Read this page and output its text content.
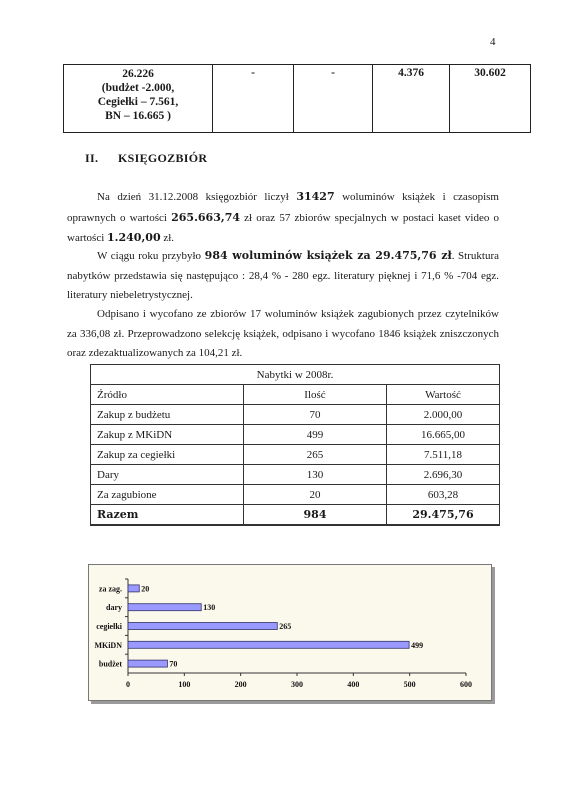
4
26.226
(budżet -2.000,
Cegiełki – 7.561,
BN – 16.665 )
	-	-	4.376	30.602
II. KSIĘGOZBIÓR
Na dzień 31.12.2008 księgozbiór liczył 31427 woluminów książek i czasopism oprawnych o wartości 265.663,74 zł oraz 57 zbiorów specjalnych w postaci kaset video o wartości 1.240,00 zł.
W ciągu roku przybyło 984 woluminów książek za 29.475,76 zł. Struktura nabytków przedstawia się następująco : 28,4 % - 280 egz. literatury pięknej i 71,6 % -704 egz. literatury niebeletrystycznej.
Odpisano i wycofano ze zbiorów 17 woluminów książek zagubionych przez czytelników za 336,08 zł. Przeprowadzono selekcję książek, odpisano i wycofano 1846 książek zniszczonych oraz zdezaktualizowanych za 104,21 zł.
Nabytki w 2008r.		
Źródło	Ilość	Wartość
Zakup z budżetu	70	2.000,00
Zakup z MKiDN	499	16.665,00
Zakup za cegiełki	265	7.511,18
Dary	130	2.696,30
Za zagubione	20	603,28
Razem	984	29.475,76
0	100	200	300	400	500	600
za zag. 20
dary	130
cegiełki	265
MKiDN	499
budżet	70
